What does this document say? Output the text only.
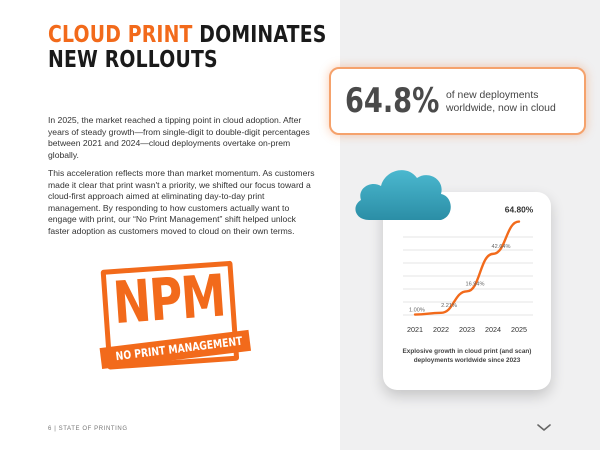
CLOUD PRINT DOMINATES
NEW ROLLOUTS

In 2025, the market reached a tipping point in cloud adoption. After years of steady growth—from single-digit to double-digit percentages between 2021 and 2024—cloud deployments overtake on-prem globally.

This acceleration reflects more than market momentum. As customers made it clear that print wasn't a priority, we shifted our focus toward a cloud-first approach aimed at eliminating day-to-day print management. By responding to how customers actually want to engage with print, our “No Print Management” shift helped unlock faster adoption as customers moved to cloud on their own terms.

NPM
NO PRINT MANAGEMENT
6 | STATE OF PRINTING
64.8% of new deployments worldwide, now in cloud
1.00%
2.21%
16.94%
42.64%
64.80%
2021 2022 2023 2024 2025
Explosive growth in cloud print (and scan) deployments worldwide since 2023
